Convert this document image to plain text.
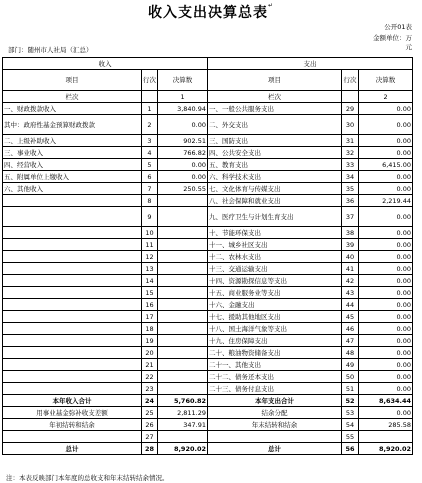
收入支出决算总表↵
公开01表
金额单位：万
元
部门：随州市人社局（汇总）
收入			支出		
项目	行次	决算数	项目	行次	决算数
栏次		1	栏次		2
一、财政拨款收入	1	3,840.94	一、一般公共服务支出	29	0.00
其中：政府性基金预算财政拨款	2	0.00	二、外交支出	30	0.00
二、上级补助收入	3	902.51	三、国防支出	31	0.00
三、事业收入	4	766.82	四、公共安全支出	32	0.00
四、经营收入	5	0.00	五、教育支出	33	6,415.00
五、附属单位上缴收入	6	0.00	六、科学技术支出	34	0.00
六、其他收入	7	250.55	七、文化体育与传媒支出	35	0.00
	8		八、社会保障和就业支出	36	2,219.44
	9		九、医疗卫生与计划生育支出	37	0.00
	10		十、节能环保支出	38	0.00
	11		十一、城乡社区支出	39	0.00
	12		十二、农林水支出	40	0.00
	13		十三、交通运输支出	41	0.00
	14		十四、资源勘探信息等支出	42	0.00
	15		十五、商业服务业等支出	43	0.00
	16		十六、金融支出	44	0.00
	17		十七、援助其他地区支出	45	0.00
	18		十八、国土海洋气象等支出	46	0.00
	19		十九、住房保障支出	47	0.00
	20		二十、粮油物资储备支出	48	0.00
	21		二十一、其他支出	49	0.00
	22		二十二、债务还本支出	50	0.00
	23		二十三、债务付息支出	51	0.00
本年收入合计	24	5,760.82	本年支出合计	52	8,634.44
用事业基金弥补收支差额	25	2,811.29	结余分配	53	0.00
年初结转和结余	26	347.91	年末结转和结余	54	285.58
	27			55	
总计	28	8,920.02	总计	56	8,920.02
注：本表反映部门本年度的总收支和年末结转结余情况。
